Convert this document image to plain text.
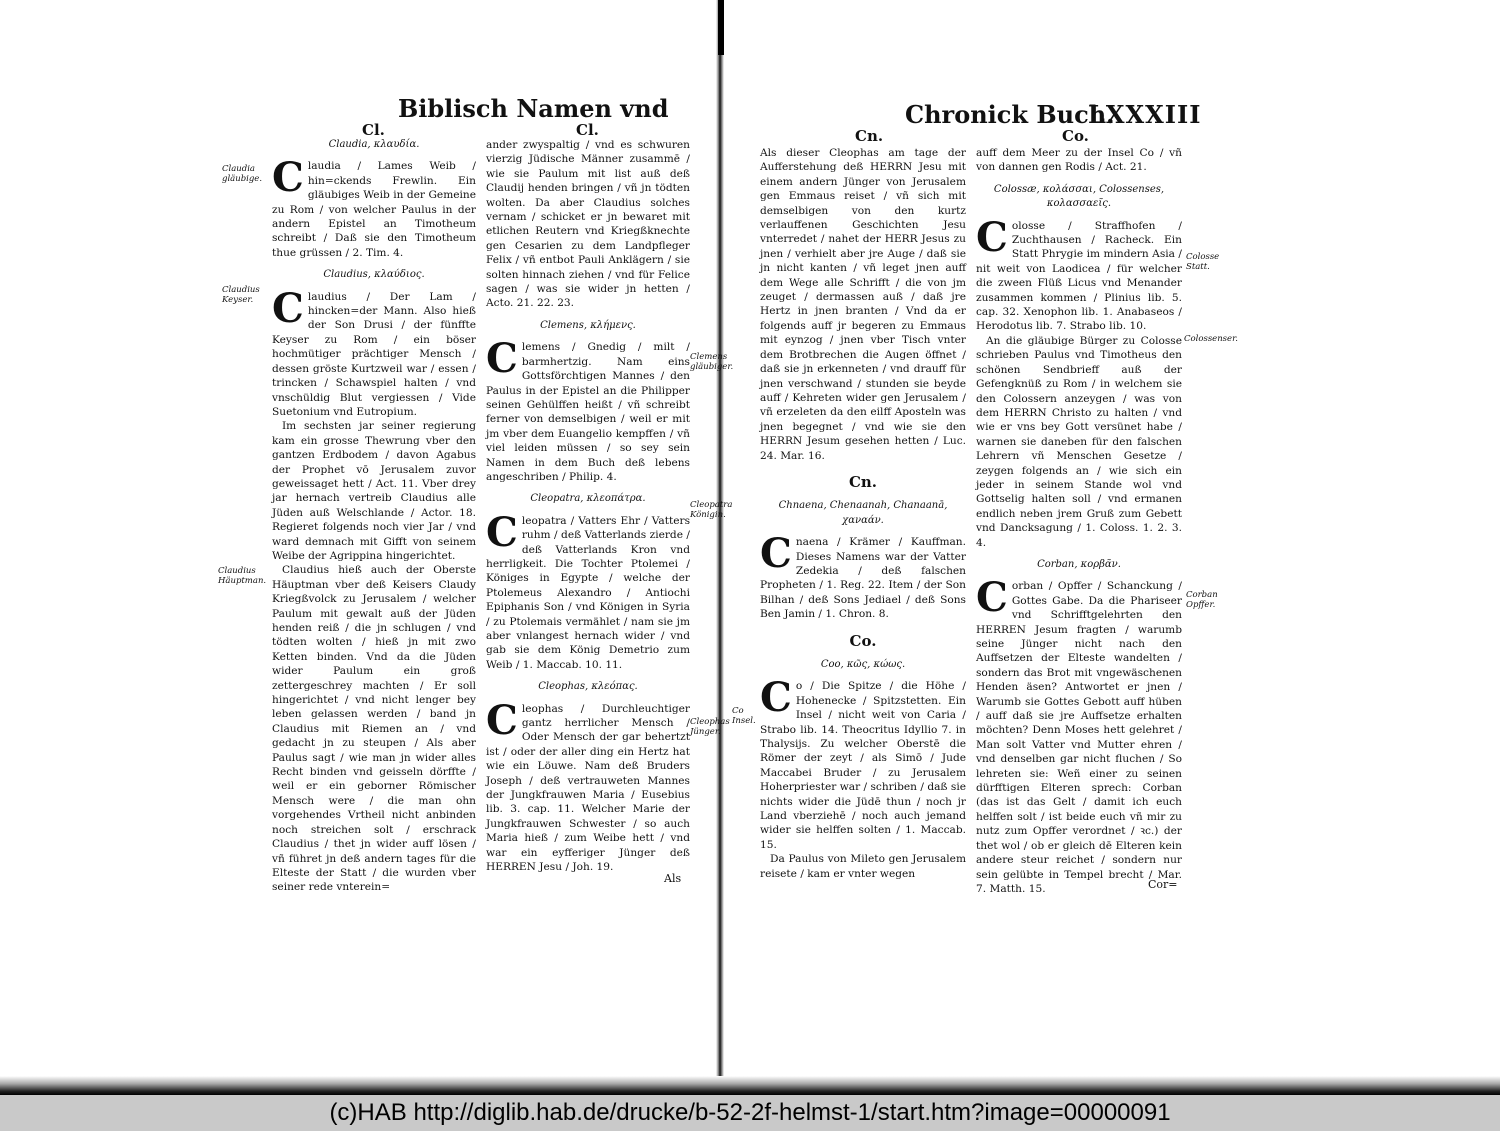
Biblisch Namen vnd	Chronick Buch.
LXXXIII
Cl.	Cl.	Cn.	Co.
Claudia, κλαυδία.

Claudia / Lames Weib / hin=ckends Frewlin. Ein gläubiges Weib in der Gemeine zu Rom / von welcher Paulus in der andern Epistel an Timotheum schreibt / Daß sie den Timotheum thue grüssen / 2. Tim. 4.

Claudius, κλαύδιος.

Claudius / Der Lam / hincken=der Mann. Also hieß der Son Drusi / der fünffte Keyser zu Rom / ein böser hochmütiger prächtiger Mensch / dessen gröste Kurtzweil war / essen / trincken / Schawspiel halten / vnd vnschüldig Blut vergiessen / Vide Suetonium vnd Eutropium.

Im sechsten jar seiner regierung kam ein grosse Thewrung vber den gantzen Erdbodem / davon Agabus der Prophet vō Jerusalem zuvor geweissaget hett / Act. 11. Vber drey jar hernach vertreib Claudius alle Jüden auß Welschlande / Actor. 18. Regieret folgends noch vier Jar / vnd ward demnach mit Gifft von seinem Weibe der Agrippina hingerichtet.

Claudius hieß auch der Oberste Häuptman vber deß Keisers Claudy Kriegßvolck zu Jerusalem / welcher Paulum mit gewalt auß der Jüden henden reiß / die jn schlugen / vnd tödten wolten / hieß jn mit zwo Ketten binden. Vnd da die Jüden wider Paulum ein groß zettergeschrey machten / Er soll hingerichtet / vnd nicht lenger bey leben gelassen werden / band jn Claudius mit Riemen an / vnd gedacht jn zu steupen / Als aber Paulus sagt / wie man jn wider alles Recht binden vnd geisseln dörffte / weil er ein geborner Römischer Mensch were / die man ohn vorgehendes Vrtheil nicht anbinden noch streichen solt / erschrack Claudius / thet jn wider auff lösen / vñ führet jn deß andern tages für die Elteste der Statt / die wurden vber seiner rede vnterein=

ander zwyspaltig / vnd es schwuren vierzig Jüdische Männer zusammē / wie sie Paulum mit list auß deß Claudij henden bringen / vñ jn tödten wolten. Da aber Claudius solches vernam / schicket er jn bewaret mit etlichen Reutern vnd Kriegßknechte gen Cesarien zu dem Landpfleger Felix / vñ entbot Pauli Anklägern / sie solten hinnach ziehen / vnd für Felice sagen / was sie wider jn hetten / Acto. 21. 22. 23.

Clemens, κλήμενς.

Clemens / Gnedig / milt / barmhertzig. Nam eins Gottsförchtigen Mannes / den Paulus in der Epistel an die Philipper seinen Gehülffen heißt / vñ schreibt ferner von demselbigen / weil er mit jm vber dem Euangelio kempffen / vñ viel leiden müssen / so sey sein Namen in dem Buch deß lebens angeschriben / Philip. 4.

Cleopatra, κλεοπάτρα.

Cleopatra / Vatters Ehr / Vatters ruhm / deß Vatterlands zierde / deß Vatterlands Kron vnd herrligkeit. Die Tochter Ptolemei / Königes in Egypte / welche der Ptolemeus Alexandro / Antiochi Epiphanis Son / vnd Königen in Syria / zu Ptolemais vermählet / nam sie jm aber vnlangest hernach wider / vnd gab sie dem König Demetrio zum Weib / 1. Maccab. 10. 11.

Cleophas, κλεόπας.

Cleophas / Durchleuchtiger gantz herrlicher Mensch / Oder Mensch der gar behertzt ist / oder der aller ding ein Hertz hat wie ein Löuwe. Nam deß Bruders Joseph / deß vertrauweten Mannes der Jungkfrauwen Maria / Eusebius lib. 3. cap. 11. Welcher Marie der Jungkfrauwen Schwester / so auch Maria hieß / zum Weibe hett / vnd war ein eyfferiger Jünger deß HERREN Jesu / Joh. 19.

Als
Claudia gläubige.
Claudius Keyser.
Claudius Häuptman.
Clemens gläubiger.
Cleopatra Königin.
Cleophas Jünger.

Als dieser Cleophas am tage der Aufferstehung deß HERRN Jesu mit einem andern Jünger von Jerusalem gen Emmaus reiset / vñ sich mit demselbigen von den kurtz verlauffenen Geschichten Jesu vnterredet / nahet der HERR Jesus zu jnen / verhielt aber jre Auge / daß sie jn nicht kanten / vñ leget jnen auff dem Wege alle Schrifft / die von jm zeuget / dermassen auß / daß jre Hertz in jnen branten / Vnd da er folgends auff jr begeren zu Emmaus mit eynzog / jnen vber Tisch vnter dem Brotbrechen die Augen öffnet / daß sie jn erkenneten / vnd drauff für jnen verschwand / stunden sie beyde auff / Kehreten wider gen Jerusalem / vñ erzeleten da den eilff Aposteln was jnen begegnet / vnd wie sie den HERRN Jesum gesehen hetten / Luc. 24. Mar. 16.

Cn.
Chnaena, Chenaanah, Chanaanā, χαναάν.

Cnaena / Krämer / Kauffman. Dieses Namens war der Vatter Zedekia / deß falschen Propheten / 1. Reg. 22. Item / der Son Bilhan / deß Sons Jediael / deß Sons Ben Jamin / 1. Chron. 8.

Co.
Coo, κῶς, κώως.

Co / Die Spitze / die Höhe / Hohenecke / Spitzstetten. Ein Insel / nicht weit von Caria / Strabo lib. 14. Theocritus Idyllio 7. in Thalysijs. Zu welcher Oberstē die Römer der zeyt / als Simō / Jude Maccabei Bruder / zu Jerusalem Hoherpriester war / schriben / daß sie nichts wider die Jüdē thun / noch jr Land vberziehē / noch auch jemand wider sie helffen solten / 1. Maccab. 15.

Da Paulus von Mileto gen Jerusalem reisete / kam er vnter wegen

auff dem Meer zu der Insel Co / vñ von dannen gen Rodis / Act. 21.

Colossæ, κολάσσαι, Colossenses, κολασσαεῖς.

Colosse / Straffhofen / Zuchthausen / Racheck. Ein Statt Phrygie im mindern Asia / nit weit von Laodicea / für welcher die zween Flüß Licus vnd Menander zusammen kommen / Plinius lib. 5. cap. 32. Xenophon lib. 1. Anabaseos / Herodotus lib. 7. Strabo lib. 10.

An die gläubige Bürger zu Colosse schrieben Paulus vnd Timotheus den schönen Sendbrieff auß der Gefengknüß zu Rom / in welchem sie den Colossern anzeygen / was von dem HERRN Christo zu halten / vnd wie er vns bey Gott versünet habe / warnen sie daneben für den falschen Lehrern vñ Menschen Gesetze / zeygen folgends an / wie sich ein jeder in seinem Stande wol vnd Gottselig halten soll / vnd ermanen endlich neben jrem Gruß zum Gebett vnd Dancksagung / 1. Coloss. 1. 2. 3. 4.

Corban, κορβᾶν.

Corban / Opffer / Schanckung / Gottes Gabe. Da die Phariseer vnd Schrifftgelehrten den HERREN Jesum fragten / warumb seine Jünger nicht nach den Auffsetzen der Elteste wandelten / sondern das Brot mit vngewäschenen Henden äsen? Antwortet er jnen / Warumb sie Gottes Gebott auff hüben / auff daß sie jre Auffsetze erhalten möchten? Denn Moses hett gelehret / Man solt Vatter vnd Mutter ehren / vnd denselben gar nicht fluchen / So lehreten sie: Weñ einer zu seinen dürfftigen Elteren sprech: Corban (das ist das Gelt / damit ich euch helffen solt / ist beide euch vñ mir zu nutz zum Opffer verordnet / ꝛc.) der thet wol / ob er gleich dē Elteren kein andere steur reichet / sondern nur sein gelübte in Tempel brecht / Mar. 7. Matth. 15.	Cor=
Colosse Statt.
Colossenser.
Corban Opffer.
Co Insel.
(c)HAB http://diglib.hab.de/drucke/b-52-2f-helmst-1/start.htm?image=00000091
